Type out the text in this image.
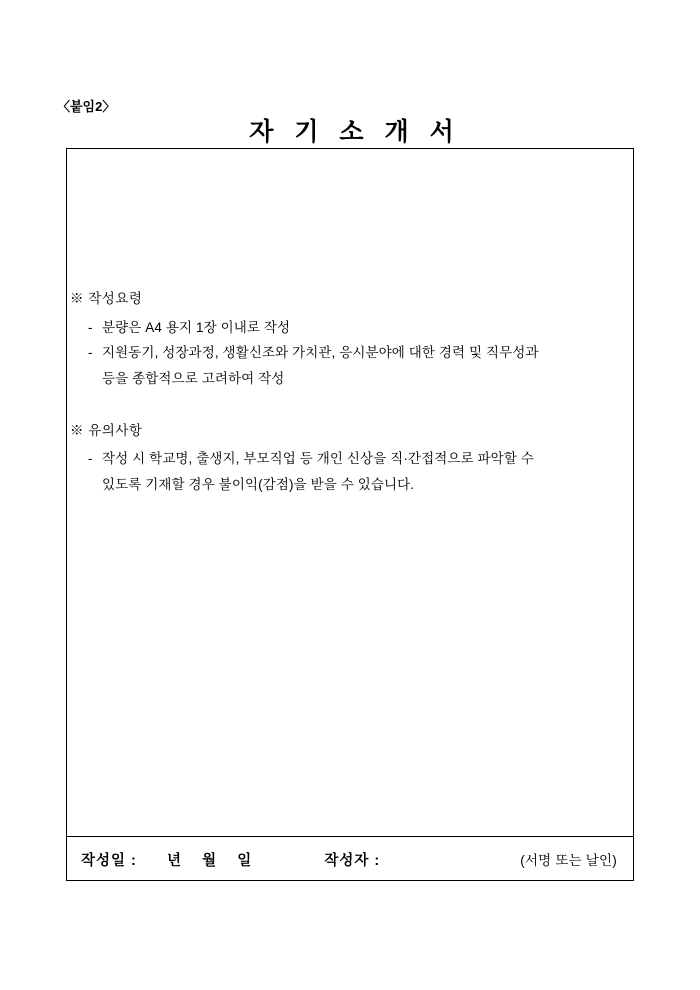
〈붙임2〉
자 기 소 개 서
※ 작성요령
- 분량은 A4 용지 1장 이내로 작성
- 지원동기, 성장과정, 생활신조와 가치관, 응시분야에 대한 경력 및 직무성과
등을 종합적으로 고려하여 작성
※ 유의사항
- 작성 시 학교명, 출생지, 부모직업 등 개인 신상을 직·간접적으로 파악할 수
있도록 기재할 경우 불이익(감점)을 받을 수 있습니다.
작성일 :      년    월    일	작성자 :	(서명 또는 날인)
